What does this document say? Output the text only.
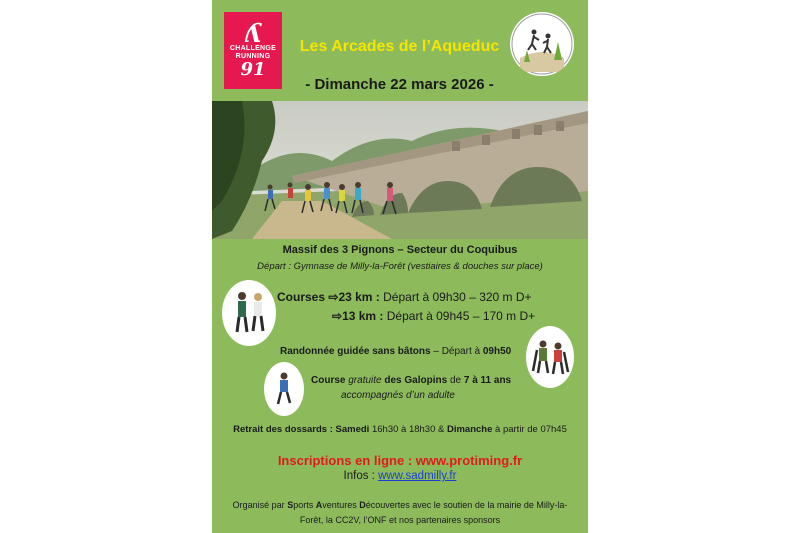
ʎ
CHALLENGE
RUNNING
91
Les Arcades de l’Aqueduc
- Dimanche 22 mars 2026 -
Massif des 3 Pignons – Secteur du Coquibus
Départ : Gymnase de Milly-la-Forêt (vestiaires & douches sur place)
Courses ⇨23 km : Départ à 09h30 – 320 m D+
⇨13 km : Départ à 09h45 – 170 m D+
Randonnée guidée sans bâtons – Départ à 09h50
Course gratuite des Galopins de 7 à 11 ans
accompagnés d’un adulte
Retrait des dossards : Samedi 16h30 à 18h30 & Dimanche à partir de 07h45
Inscriptions en ligne : www.protiming.fr
Infos : www.sadmilly.fr
Organisé par Sports Aventures Découvertes avec le soutien de la mairie de Milly-la-
Forêt, la CC2V, l’ONF et nos partenaires sponsors
